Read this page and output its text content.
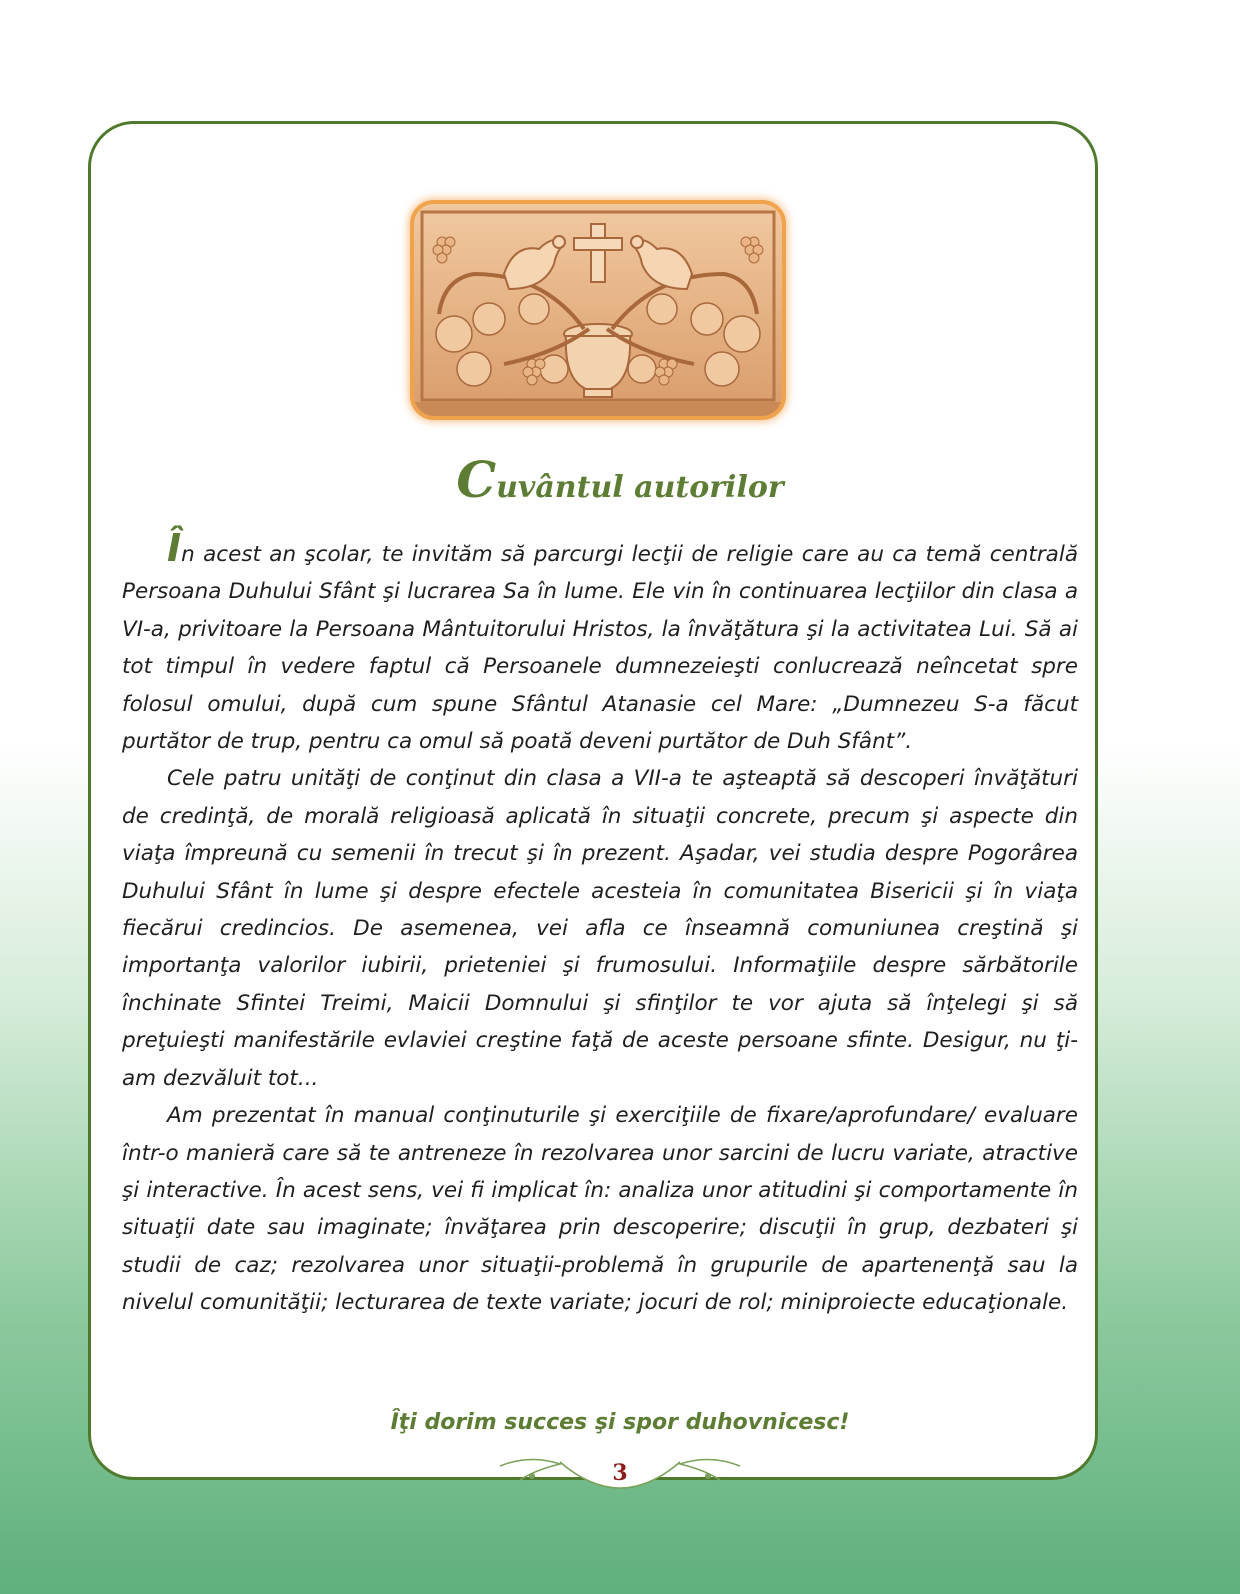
Cuvântul autorilor

În acest an şcolar, te invităm să parcurgi lecţii de religie care au ca temă centrală Persoana Duhului Sfânt şi lucrarea Sa în lume. Ele vin în continuarea lecţiilor din clasa a VI-a, privitoare la Persoana Mântuitorului Hristos, la învăţătura şi la activitatea Lui. Să ai tot timpul în vedere faptul că Persoanele dumnezeieşti conlucrează neîncetat spre folosul omului, după cum spune Sfântul Atanasie cel Mare: „Dumnezeu S-a făcut purtător de trup, pentru ca omul să poată deveni purtător de Duh Sfânt”.

Cele patru unităţi de conţinut din clasa a VII-a te aşteaptă să descoperi învăţături de credinţă, de morală religioasă aplicată în situaţii concrete, precum şi aspecte din viaţa împreună cu semenii în trecut şi în prezent. Aşadar, vei studia despre Pogorârea Duhului Sfânt în lume şi despre efectele acesteia în comunitatea Bisericii şi în viaţa fiecărui credincios. De asemenea, vei afla ce înseamnă comuniunea creştină şi importanţa valorilor iubirii, prieteniei şi frumosului. Informaţiile despre sărbătorile închinate Sfintei Treimi, Maicii Domnului şi sfinţilor te vor ajuta să înţelegi şi să preţuieşti manifestările evlaviei creştine faţă de aceste persoane sfinte. Desigur, nu ţi-am dezvăluit tot...

Am prezentat în manual conţinuturile şi exerciţiile de fixare/aprofundare/ evaluare într-o manieră care să te antreneze în rezolvarea unor sarcini de lucru variate, atractive şi interactive. În acest sens, vei fi implicat în: analiza unor atitudini şi comportamente în situaţii date sau imaginate; învăţarea prin descoperire; discuţii în grup, dezbateri şi studii de caz; rezolvarea unor situaţii-problemă în grupurile de apartenenţă sau la nivelul comunităţii; lecturarea de texte variate; jocuri de rol; miniproiecte educaţionale.

Îţi dorim succes şi spor duhovnicesc!
3
